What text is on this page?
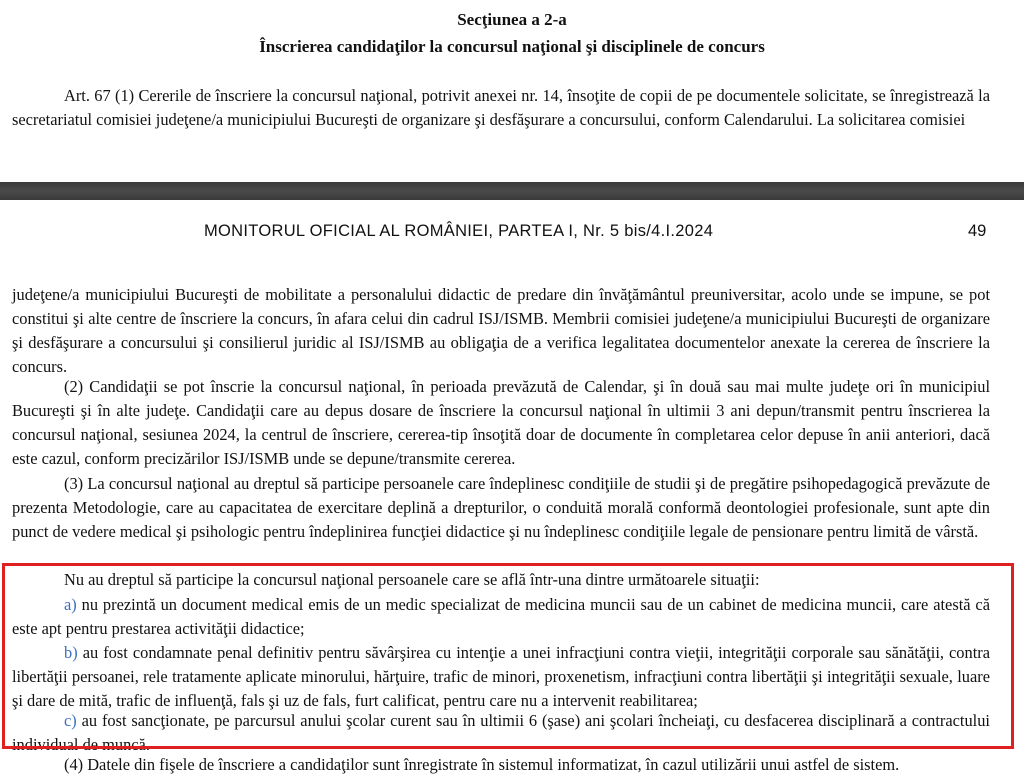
Secţiunea a 2-a
Înscrierea candidaţilor la concursul naţional şi disciplinele de concurs
Art. 67 (1) Cererile de înscriere la concursul naţional, potrivit anexei nr. 14, însoţite de copii de pe documentele solicitate, se înregistrează la secretariatul comisiei judeţene/a municipiului Bucureşti de organizare şi desfăşurare a concursului, conform Calendarului. La solicitarea comisiei
MONITORUL OFICIAL AL ROMÂNIEI, PARTEA I, Nr. 5 bis/4.I.2024	49
judeţene/a municipiului Bucureşti de mobilitate a personalului didactic de predare din învăţământul preuniversitar, acolo unde se impune, se pot constitui şi alte centre de înscriere la concurs, în afara celui din cadrul ISJ/ISMB. Membrii comisiei judeţene/a municipiului Bucureşti de organizare şi desfăşurare a concursului şi consilierul juridic al ISJ/ISMB au obligaţia de a verifica legalitatea documentelor anexate la cererea de înscriere la concurs.
(2) Candidaţii se pot înscrie la concursul naţional, în perioada prevăzută de Calendar, şi în două sau mai multe judeţe ori în municipiul Bucureşti şi în alte judeţe. Candidaţii care au depus dosare de înscriere la concursul naţional în ultimii 3 ani depun/transmit pentru înscrierea la concursul naţional, sesiunea 2024, la centrul de înscriere, cererea-tip însoţită doar de documente în completarea celor depuse în anii anteriori, dacă este cazul, conform precizărilor ISJ/ISMB unde se depune/transmite cererea.
(3) La concursul naţional au dreptul să participe persoanele care îndeplinesc condiţiile de studii şi de pregătire psihopedagogică prevăzute de prezenta Metodologie, care au capacitatea de exercitare deplină a drepturilor, o conduită morală conformă deontologiei profesionale, sunt apte din punct de vedere medical şi psihologic pentru îndeplinirea funcţiei didactice şi nu îndeplinesc condiţiile legale de pensionare pentru limită de vârstă.
Nu au dreptul să participe la concursul naţional persoanele care se află într-una dintre următoarele situaţii:
a) nu prezintă un document medical emis de un medic specializat de medicina muncii sau de un cabinet de medicina muncii, care atestă că este apt pentru prestarea activităţii didactice;
b) au fost condamnate penal definitiv pentru săvârşirea cu intenţie a unei infracţiuni contra vieţii, integrităţii corporale sau sănătăţii, contra libertăţii persoanei, rele tratamente aplicate minorului, hărţuire, trafic de minori, proxenetism, infracţiuni contra libertăţii şi integrităţii sexuale, luare şi dare de mită, trafic de influenţă, fals şi uz de fals, furt calificat, pentru care nu a intervenit reabilitarea;
c) au fost sancţionate, pe parcursul anului şcolar curent sau în ultimii 6 (şase) ani şcolari încheiaţi, cu desfacerea disciplinară a contractului individual de muncă.
(4) Datele din fişele de înscriere a candidaţilor sunt înregistrate în sistemul informatizat, în cazul utilizării unui astfel de sistem.
